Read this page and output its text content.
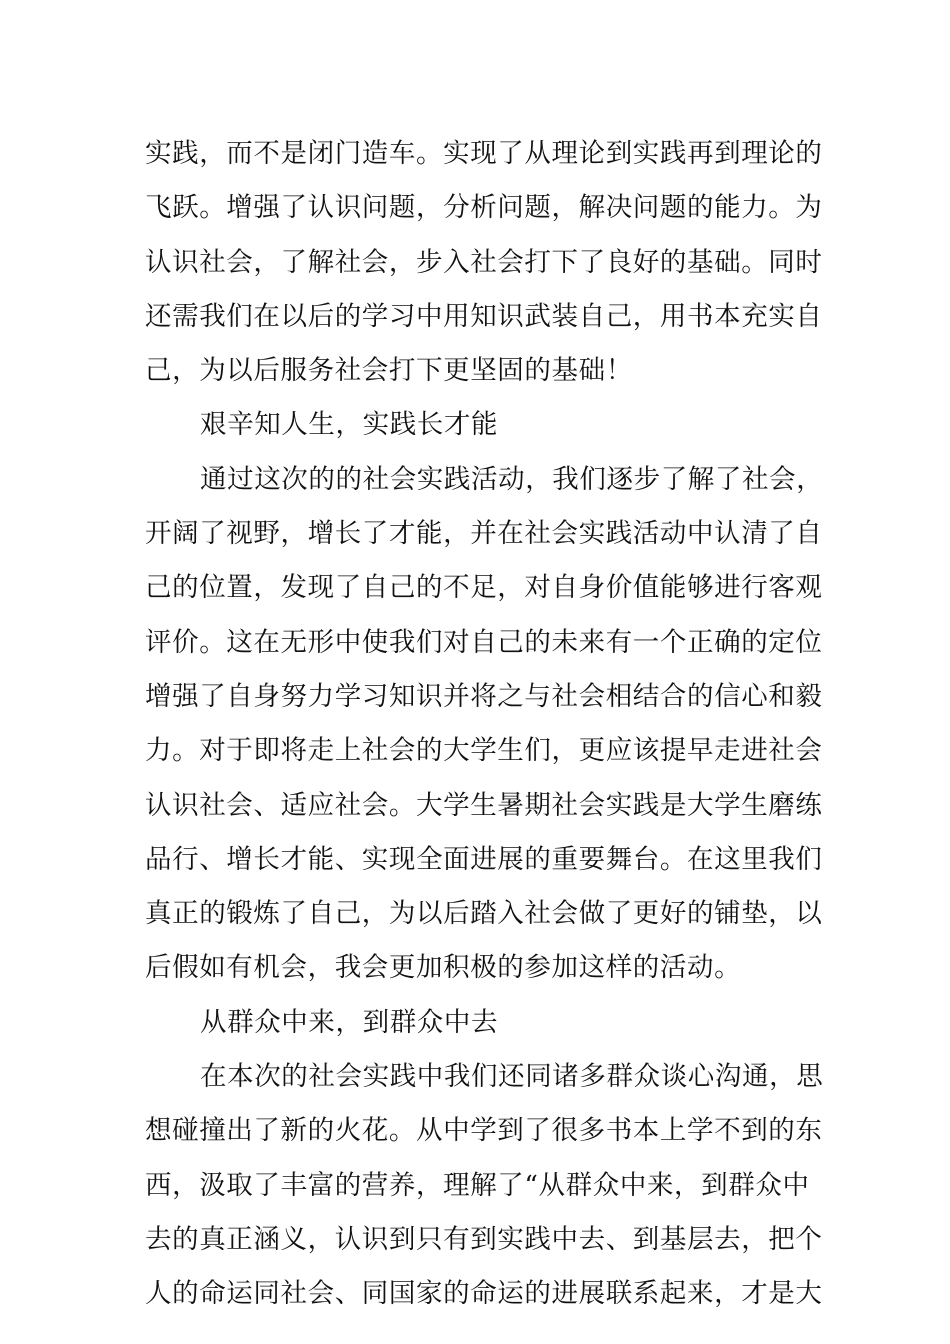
实践，而不是闭门造车。实现了从理论到实践再到理论的
飞跃。增强了认识问题，分析问题，解决问题的能力。为
认识社会，了解社会，步入社会打下了良好的基础。同时
还需我们在以后的学习中用知识武装自己，用书本充实自
己，为以后服务社会打下更坚固的基础！
艰辛知人生，实践长才能
通过这次的的社会实践活动，我们逐步了解了社会，
开阔了视野，增长了才能，并在社会实践活动中认清了自
己的位置，发现了自己的不足，对自身价值能够进行客观
评价。这在无形中使我们对自己的未来有一个正确的定位
增强了自身努力学习知识并将之与社会相结合的信心和毅
力。对于即将走上社会的大学生们，更应该提早走进社会
认识社会、适应社会。大学生暑期社会实践是大学生磨练
品行、增长才能、实现全面进展的重要舞台。在这里我们
真正的锻炼了自己，为以后踏入社会做了更好的铺垫，以
后假如有机会，我会更加积极的参加这样的活动。
从群众中来，到群众中去
在本次的社会实践中我们还同诸多群众谈心沟通，思
想碰撞出了新的火花。从中学到了很多书本上学不到的东
西，汲取了丰富的营养，理解了“从群众中来，到群众中
去的真正涵义，认识到只有到实践中去、到基层去，把个
人的命运同社会、同国家的命运的进展联系起来，才是大
